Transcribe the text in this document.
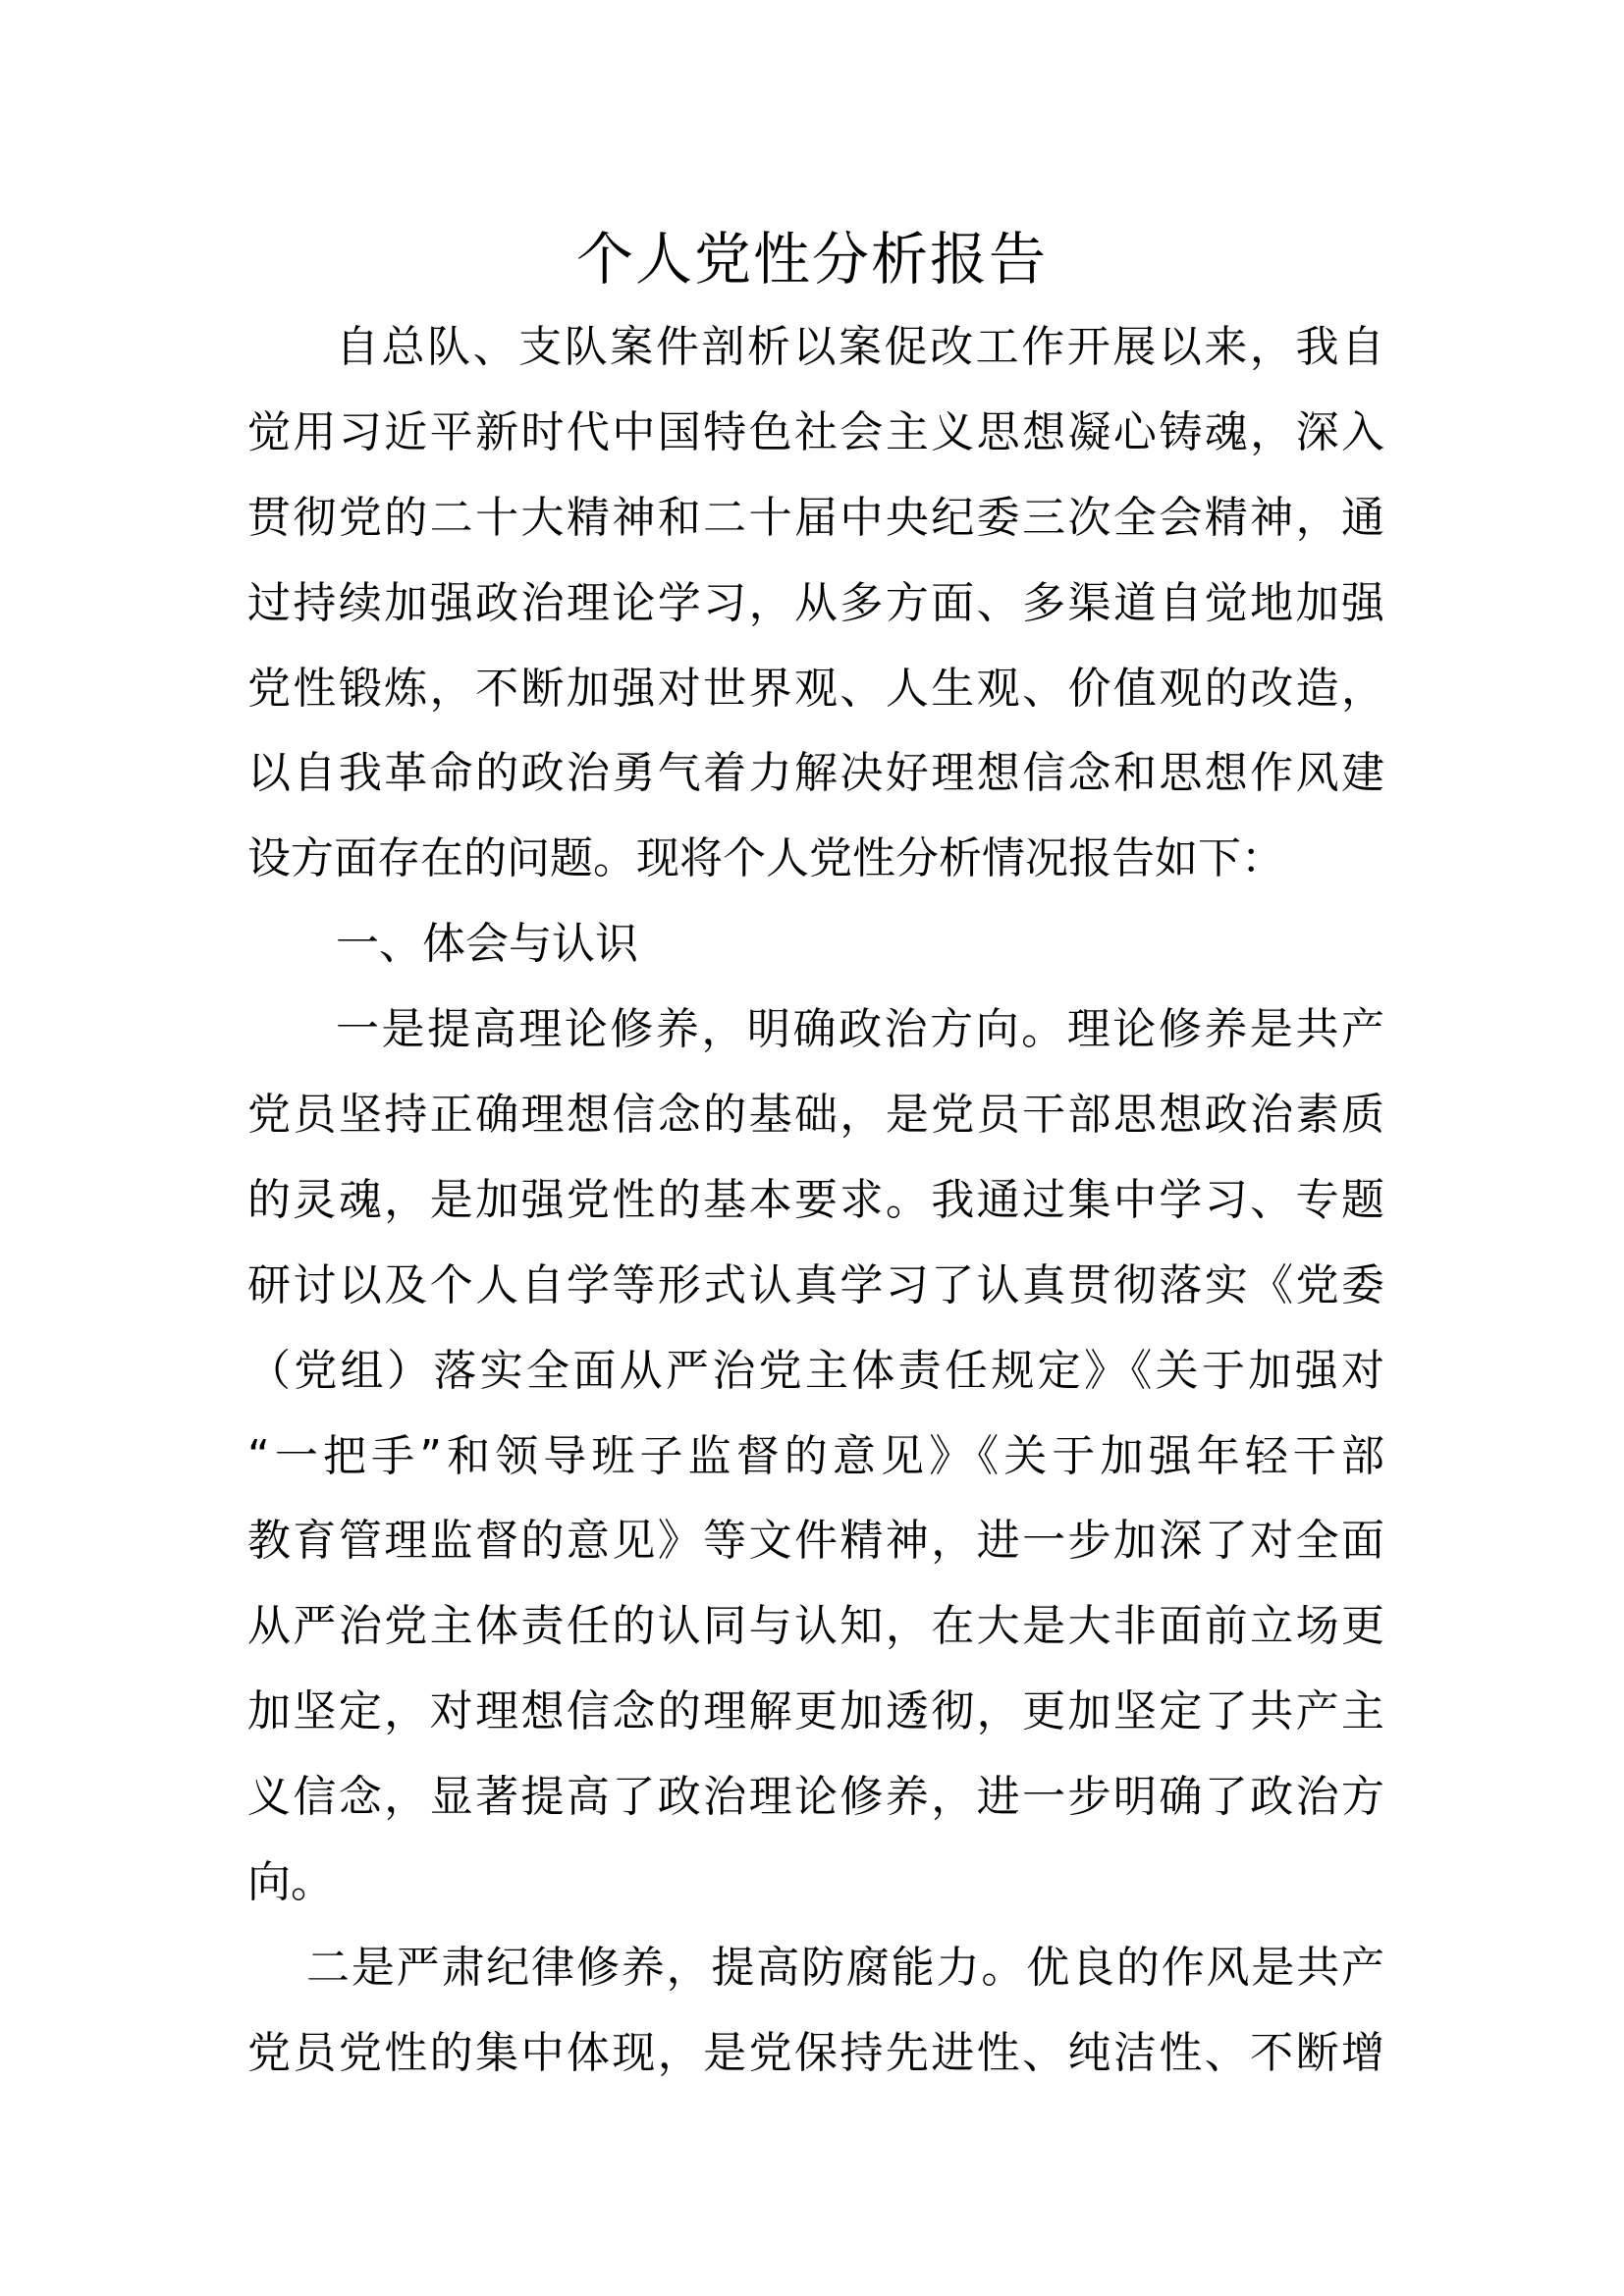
个人党性分析报告
自总队、支队案件剖析以案促改工作开展以来，我自
觉用习近平新时代中国特色社会主义思想凝心铸魂，深入
贯彻党的二十大精神和二十届中央纪委三次全会精神，通
过持续加强政治理论学习，从多方面、多渠道自觉地加强
党性锻炼，不断加强对世界观、人生观、价值观的改造，
以自我革命的政治勇气着力解决好理想信念和思想作风建
设方面存在的问题。现将个人党性分析情况报告如下：
一、体会与认识
一是提高理论修养，明确政治方向。理论修养是共产
党员坚持正确理想信念的基础，是党员干部思想政治素质
的灵魂，是加强党性的基本要求。我通过集中学习、专题
研讨以及个人自学等形式认真学习了认真贯彻落实《党委
（党组）落实全面从严治党主体责任规定》《关于加强对
“一把手”和领导班子监督的意见》《关于加强年轻干部
教育管理监督的意见》等文件精神，进一步加深了对全面
从严治党主体责任的认同与认知，在大是大非面前立场更
加坚定，对理想信念的理解更加透彻，更加坚定了共产主
义信念，显著提高了政治理论修养，进一步明确了政治方
向。
二是严肃纪律修养，提高防腐能力。优良的作风是共产
党员党性的集中体现，是党保持先进性、纯洁性、不断增
